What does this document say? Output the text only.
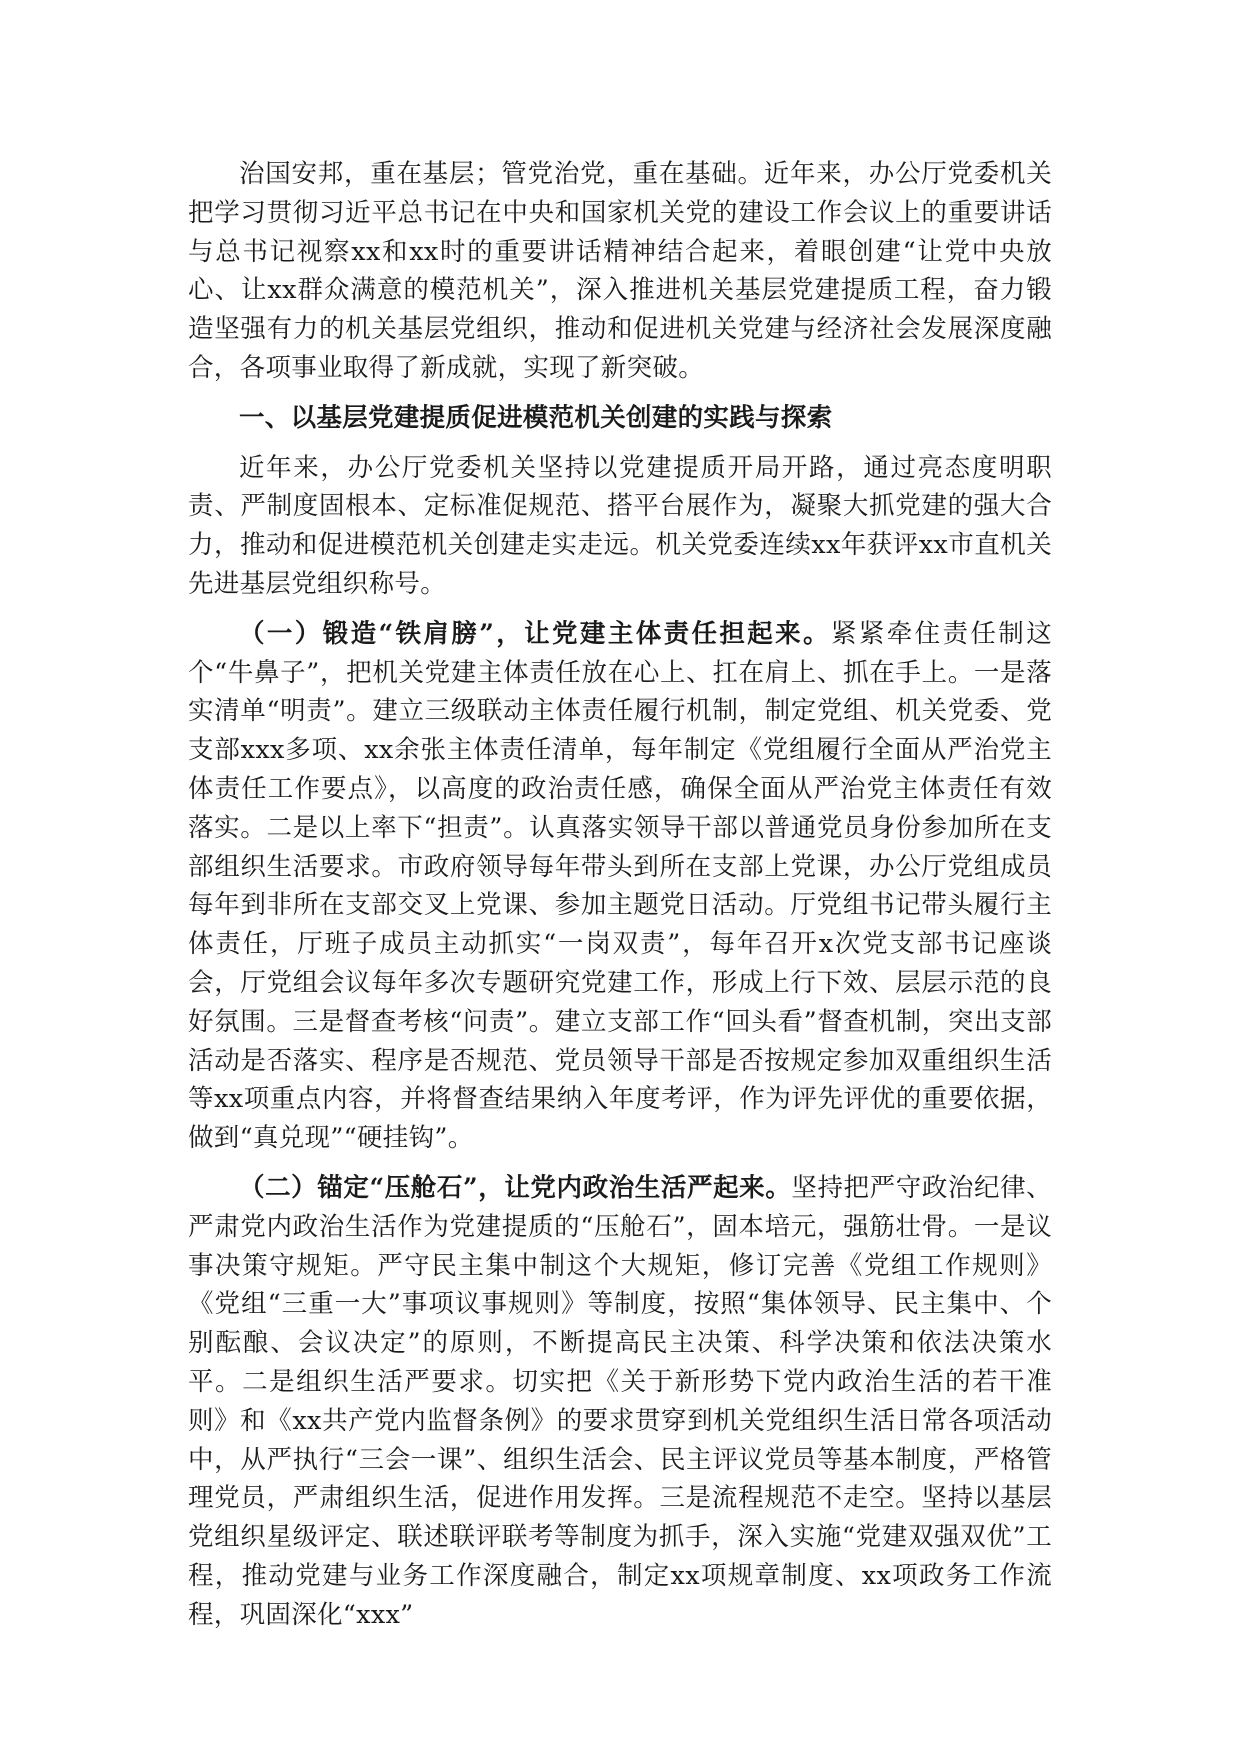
治国安邦，重在基层；管党治党，重在基础。近年来，办公厅党委机关把学习贯彻习近平总书记在中央和国家机关党的建设工作会议上的重要讲话与总书记视察xx和xx时的重要讲话精神结合起来，着眼创建“让党中央放心、让xx群众满意的模范机关”，深入推进机关基层党建提质工程，奋力锻造坚强有力的机关基层党组织，推动和促进机关党建与经济社会发展深度融合，各项事业取得了新成就，实现了新突破。

一、以基层党建提质促进模范机关创建的实践与探索

近年来，办公厅党委机关坚持以党建提质开局开路，通过亮态度明职责、严制度固根本、定标准促规范、搭平台展作为，凝聚大抓党建的强大合力，推动和促进模范机关创建走实走远。机关党委连续xx年获评xx市直机关先进基层党组织称号。

（一）锻造“铁肩膀”，让党建主体责任担起来。紧紧牵住责任制这个“牛鼻子”，把机关党建主体责任放在心上、扛在肩上、抓在手上。一是落实清单“明责”。建立三级联动主体责任履行机制，制定党组、机关党委、党支部xxx多项、xx余张主体责任清单，每年制定《党组履行全面从严治党主体责任工作要点》，以高度的政治责任感，确保全面从严治党主体责任有效落实。二是以上率下“担责”。认真落实领导干部以普通党员身份参加所在支部组织生活要求。市政府领导每年带头到所在支部上党课，办公厅党组成员每年到非所在支部交叉上党课、参加主题党日活动。厅党组书记带头履行主体责任，厅班子成员主动抓实“一岗双责”，每年召开x次党支部书记座谈会，厅党组会议每年多次专题研究党建工作，形成上行下效、层层示范的良好氛围。三是督查考核“问责”。建立支部工作“回头看”督查机制，突出支部活动是否落实、程序是否规范、党员领导干部是否按规定参加双重组织生活等xx项重点内容，并将督查结果纳入年度考评，作为评先评优的重要依据，做到“真兑现”“硬挂钩”。

（二）锚定“压舱石”，让党内政治生活严起来。坚持把严守政治纪律、严肃党内政治生活作为党建提质的“压舱石”，固本培元，强筋壮骨。一是议事决策守规矩。严守民主集中制这个大规矩，修订完善《党组工作规则》《党组“三重一大”事项议事规则》等制度，按照“集体领导、民主集中、个别酝酿、会议决定”的原则，不断提高民主决策、科学决策和依法决策水平。二是组织生活严要求。切实把《关于新形势下党内政治生活的若干准则》和《xx共产党内监督条例》的要求贯穿到机关党组织生活日常各项活动中，从严执行“三会一课”、组织生活会、民主评议党员等基本制度，严格管理党员，严肃组织生活，促进作用发挥。三是流程规范不走空。坚持以基层党组织星级评定、联述联评联考等制度为抓手，深入实施“党建双强双优”工程，推动党建与业务工作深度融合，制定xx项规章制度、xx项政务工作流程，巩固深化“xxx”
